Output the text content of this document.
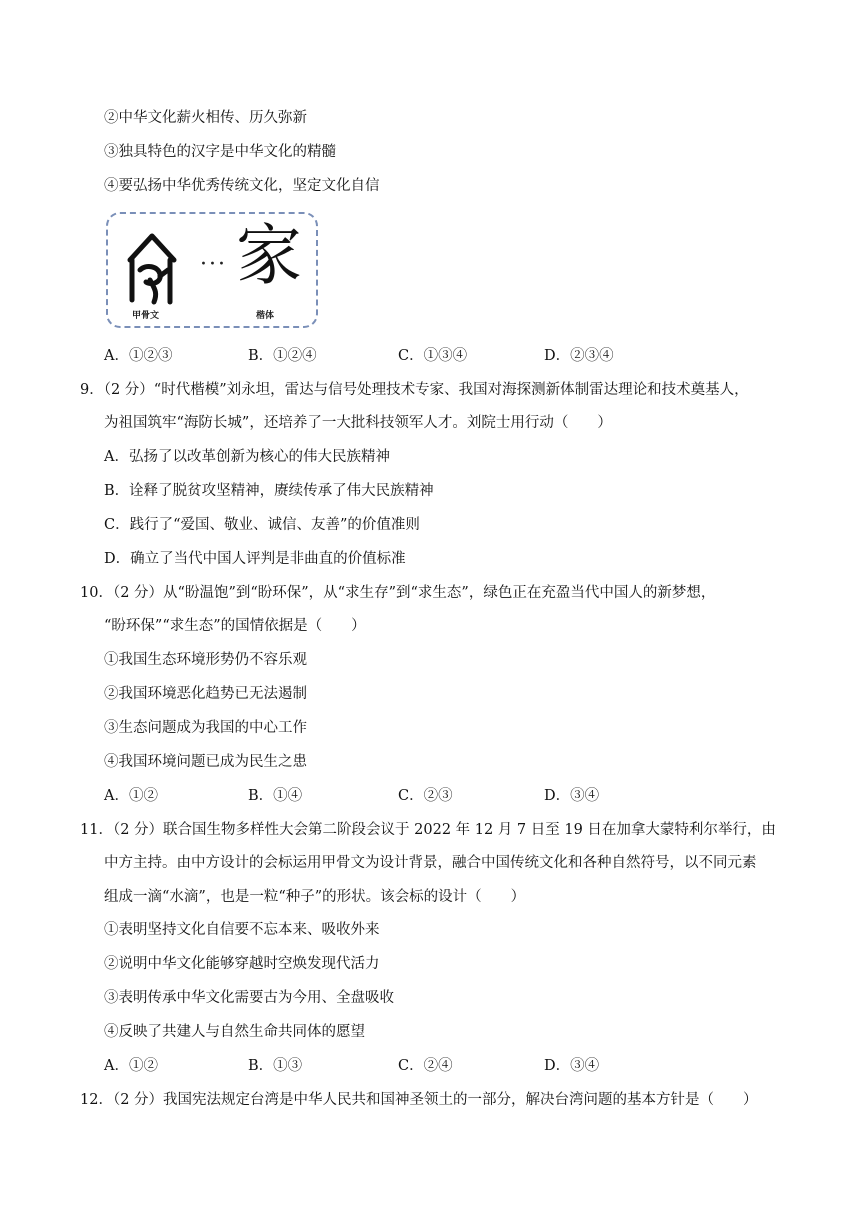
②中华文化薪火相传、历久弥新
③独具特色的汉字是中华文化的精髓
④要弘扬中华优秀传统文化，坚定文化自信
··· 家
甲骨文	楷体
A．①②③	B．①②④	C．①③④	D．②③④
9．（2 分）“时代楷模”刘永坦，雷达与信号处理技术专家、我国对海探测新体制雷达理论和技术奠基人，
为祖国筑牢“海防长城”，还培养了一大批科技领军人才。刘院士用行动（　　）
A．弘扬了以改革创新为核心的伟大民族精神
B．诠释了脱贫攻坚精神，赓续传承了伟大民族精神
C．践行了“爱国、敬业、诚信、友善”的价值准则
D．确立了当代中国人评判是非曲直的价值标准
10．（2 分）从“盼温饱”到“盼环保”，从“求生存”到“求生态”，绿色正在充盈当代中国人的新梦想，
“盼环保”“求生态”的国情依据是（　　）
①我国生态环境形势仍不容乐观
②我国环境恶化趋势已无法遏制
③生态问题成为我国的中心工作
④我国环境问题已成为民生之患
A．①②	B．①④	C．②③	D．③④
11．（2 分）联合国生物多样性大会第二阶段会议于 2022 年 12 月 7 日至 19 日在加拿大蒙特利尔举行，由
中方主持。由中方设计的会标运用甲骨文为设计背景，融合中国传统文化和各种自然符号，以不同元素
组成一滴“水滴”，也是一粒“种子”的形状。该会标的设计（　　）
①表明坚持文化自信要不忘本来、吸收外来
②说明中华文化能够穿越时空焕发现代活力
③表明传承中华文化需要古为今用、全盘吸收
④反映了共建人与自然生命共同体的愿望
A．①②	B．①③	C．②④	D．③④
12．（2 分）我国宪法规定台湾是中华人民共和国神圣领土的一部分，解决台湾问题的基本方针是（　　）
